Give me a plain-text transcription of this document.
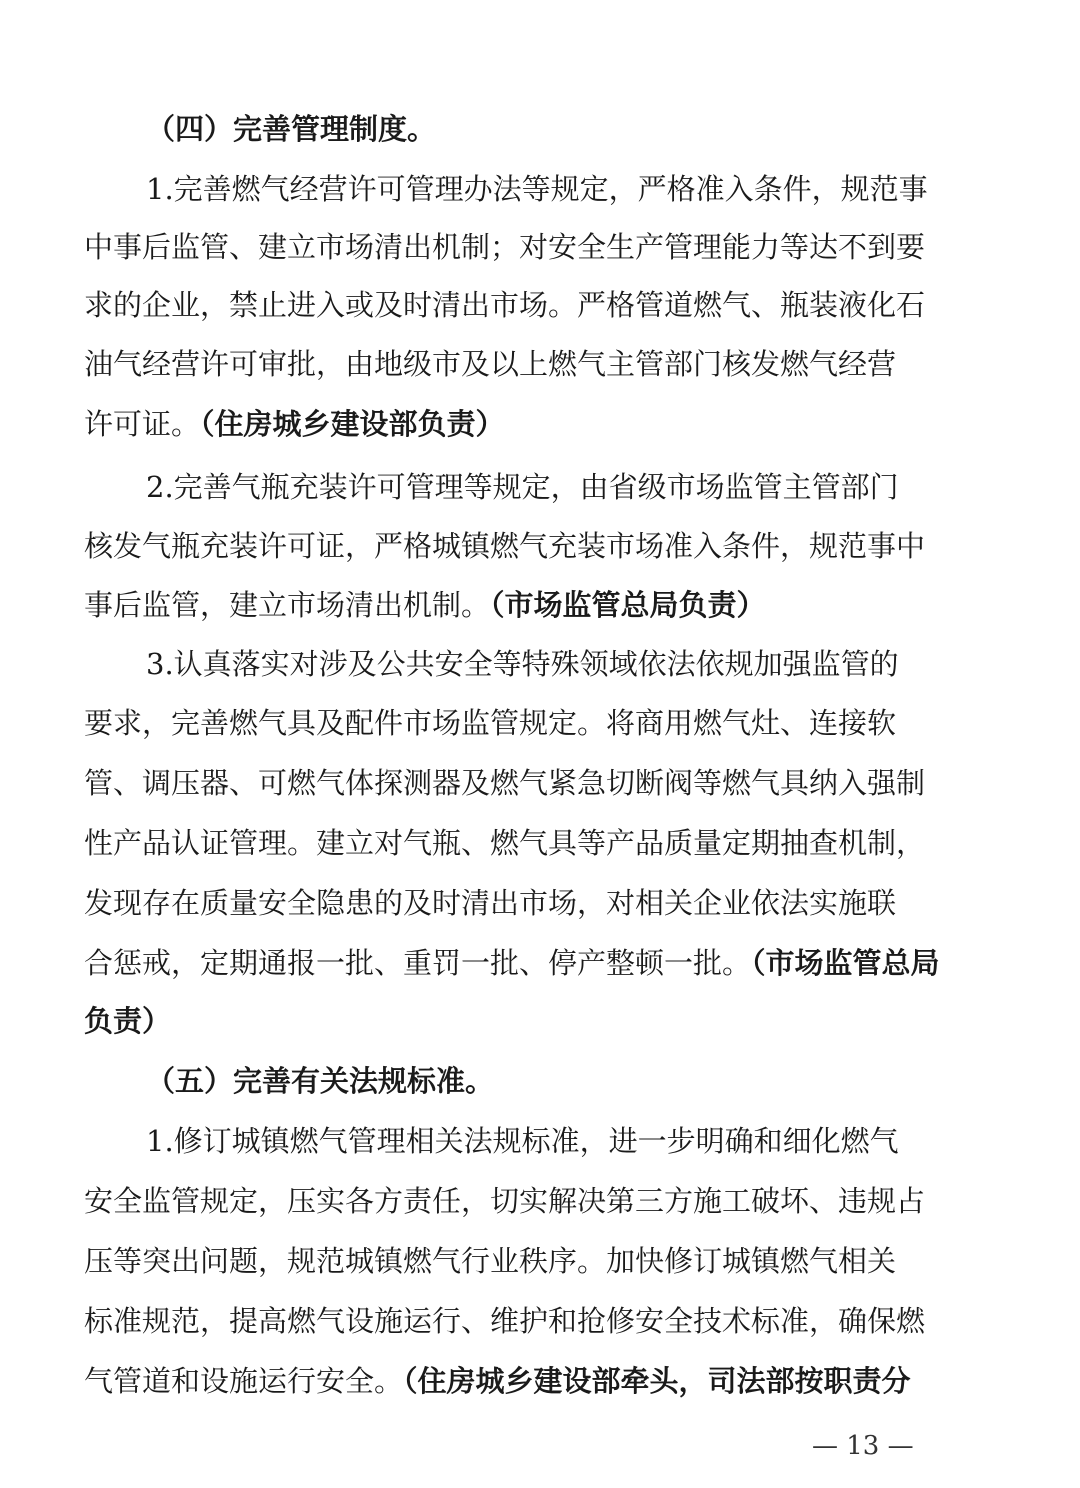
（四）完善管理制度。
1.完善燃气经营许可管理办法等规定，严格准入条件，规范事
中事后监管、建立市场清出机制；对安全生产管理能力等达不到要
求的企业，禁止进入或及时清出市场。严格管道燃气、瓶装液化石
油气经营许可审批，由地级市及以上燃气主管部门核发燃气经营
许可证。（住房城乡建设部负责）
2.完善气瓶充装许可管理等规定，由省级市场监管主管部门
核发气瓶充装许可证，严格城镇燃气充装市场准入条件，规范事中
事后监管，建立市场清出机制。（市场监管总局负责）
3.认真落实对涉及公共安全等特殊领域依法依规加强监管的
要求，完善燃气具及配件市场监管规定。将商用燃气灶、连接软
管、调压器、可燃气体探测器及燃气紧急切断阀等燃气具纳入强制
性产品认证管理。建立对气瓶、燃气具等产品质量定期抽查机制，
发现存在质量安全隐患的及时清出市场，对相关企业依法实施联
合惩戒，定期通报一批、重罚一批、停产整顿一批。（市场监管总局
负责）
（五）完善有关法规标准。
1.修订城镇燃气管理相关法规标准，进一步明确和细化燃气
安全监管规定，压实各方责任，切实解决第三方施工破坏、违规占
压等突出问题，规范城镇燃气行业秩序。加快修订城镇燃气相关
标准规范，提高燃气设施运行、维护和抢修安全技术标准，确保燃
气管道和设施运行安全。（住房城乡建设部牵头，司法部按职责分
— 13 —
